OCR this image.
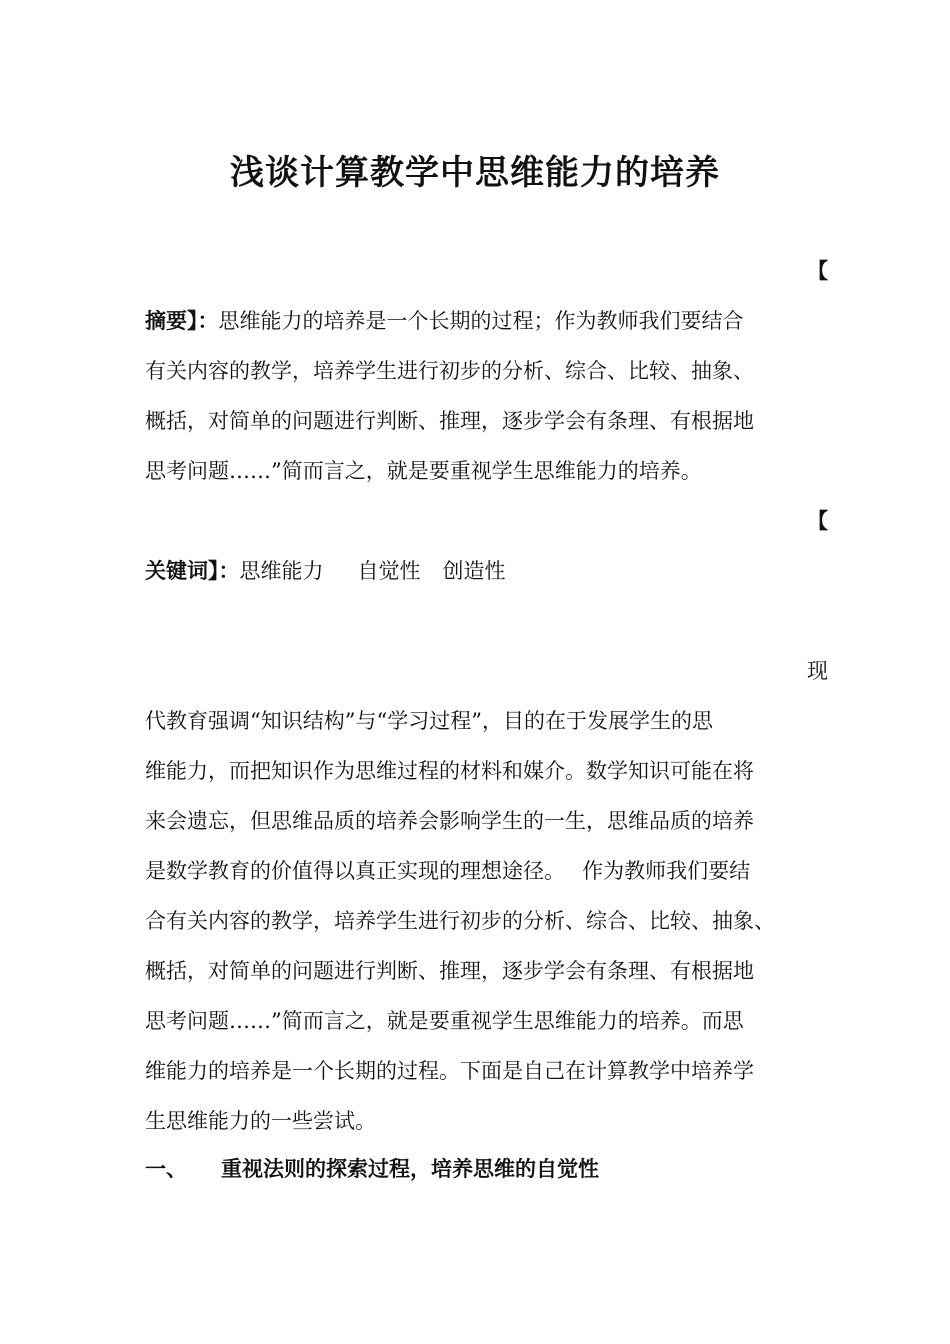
浅谈计算教学中思维能力的培养
【
摘要】：思维能力的培养是一个长期的过程；作为教师我们要结合
有关内容的教学，培养学生进行初步的分析、综合、比较、抽象、
概括，对简单的问题进行判断、推理，逐步学会有条理、有根据地
思考问题……”简而言之，就是要重视学生思维能力的培养。
【
关键词】：思维能力 自觉性 创造性
现
代教育强调“知识结构”与“学习过程”，目的在于发展学生的思
维能力，而把知识作为思维过程的材料和媒介。数学知识可能在将
来会遗忘，但思维品质的培养会影响学生的一生，思维品质的培养
是数学教育的价值得以真正实现的理想途径。　 作为教师我们要结
合有关内容的教学，培养学生进行初步的分析、综合、比较、抽象、
概括，对简单的问题进行判断、推理，逐步学会有条理、有根据地
思考问题……”简而言之，就是要重视学生思维能力的培养。而思
维能力的培养是一个长期的过程。下面是自己在计算教学中培养学
生思维能力的一些尝试。
一、 重视法则的探索过程，培养思维的自觉性
